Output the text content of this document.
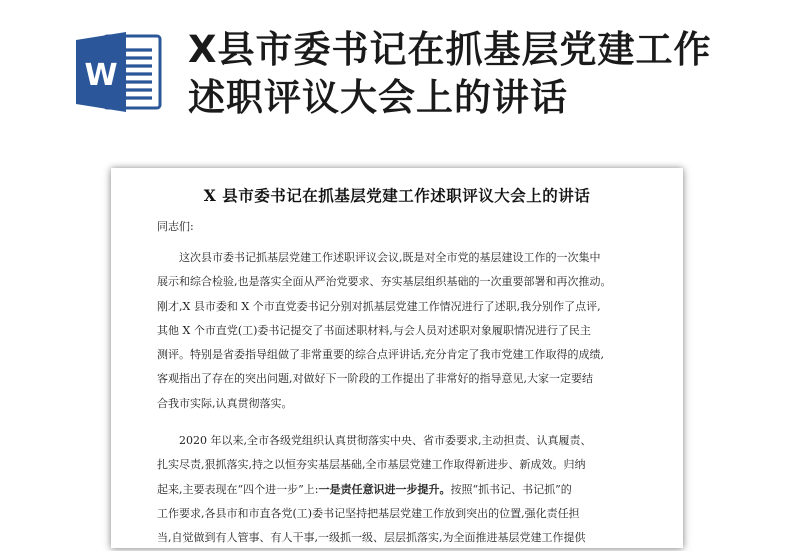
W
X县市委书记在抓基层党建工作
述职评议大会上的讲话
X 县市委书记在抓基层党建工作述职评议大会上的讲话
同志们:
这次县市委书记抓基层党建工作述职评议会议,既是对全市党的基层建设工作的一次集中
展示和综合检验,也是落实全面从严治党要求、夯实基层组织基础的一次重要部署和再次推动。
刚才,X 县市委和 X 个市直党委书记分别对抓基层党建工作情况进行了述职,我分别作了点评,
其他 X 个市直党(工)委书记提交了书面述职材料,与会人员对述职对象履职情况进行了民主
测评。特别是省委指导组做了非常重要的综合点评讲话,充分肯定了我市党建工作取得的成绩,
客观指出了存在的突出问题,对做好下一阶段的工作提出了非常好的指导意见,大家一定要结
合我市实际,认真贯彻落实。
2020 年以来,全市各级党组织认真贯彻落实中央、省市委要求,主动担责、认真履责、
扎实尽责,狠抓落实,持之以恒夯实基层基础,全市基层党建工作取得新进步、新成效。归纳
起来,主要表现在“四个进一步”上:一是责任意识进一步提升。按照“抓书记、书记抓”的
工作要求,各县市和市直各党(工)委书记坚持把基层党建工作放到突出的位置,强化责任担
当,自觉做到有人管事、有人干事,一级抓一级、层层抓落实,为全面推进基层党建工作提供
